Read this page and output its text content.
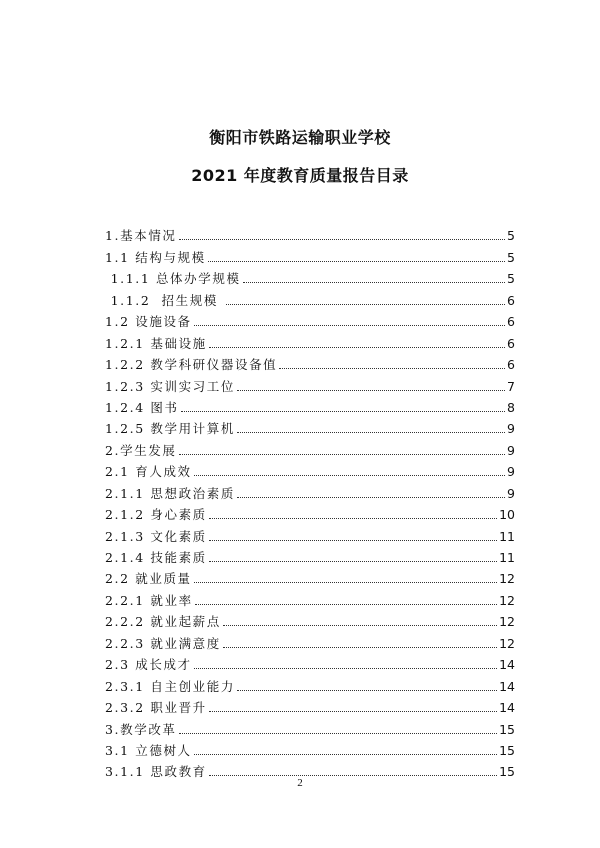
衡阳市铁路运输职业学校
2021 年度教育质量报告目录
1.基本情况	5
1.1 结构与规模	5
1.1.1 总体办学规模	5
1.1.2  招生规模	6
1.2 设施设备	6
1.2.1 基础设施	6
1.2.2 教学科研仪器设备值	6
1.2.3 实训实习工位	7
1.2.4 图书	8
1.2.5 教学用计算机	9
2.学生发展	9
2.1 育人成效	9
2.1.1 思想政治素质	9
2.1.2 身心素质	10
2.1.3 文化素质	11
2.1.4 技能素质	11
2.2 就业质量	12
2.2.1 就业率	12
2.2.2 就业起薪点	12
2.2.3 就业满意度	12
2.3 成长成才	14
2.3.1 自主创业能力	14
2.3.2 职业晋升	14
3.教学改革	15
3.1 立德树人	15
3.1.1 思政教育	15
2
